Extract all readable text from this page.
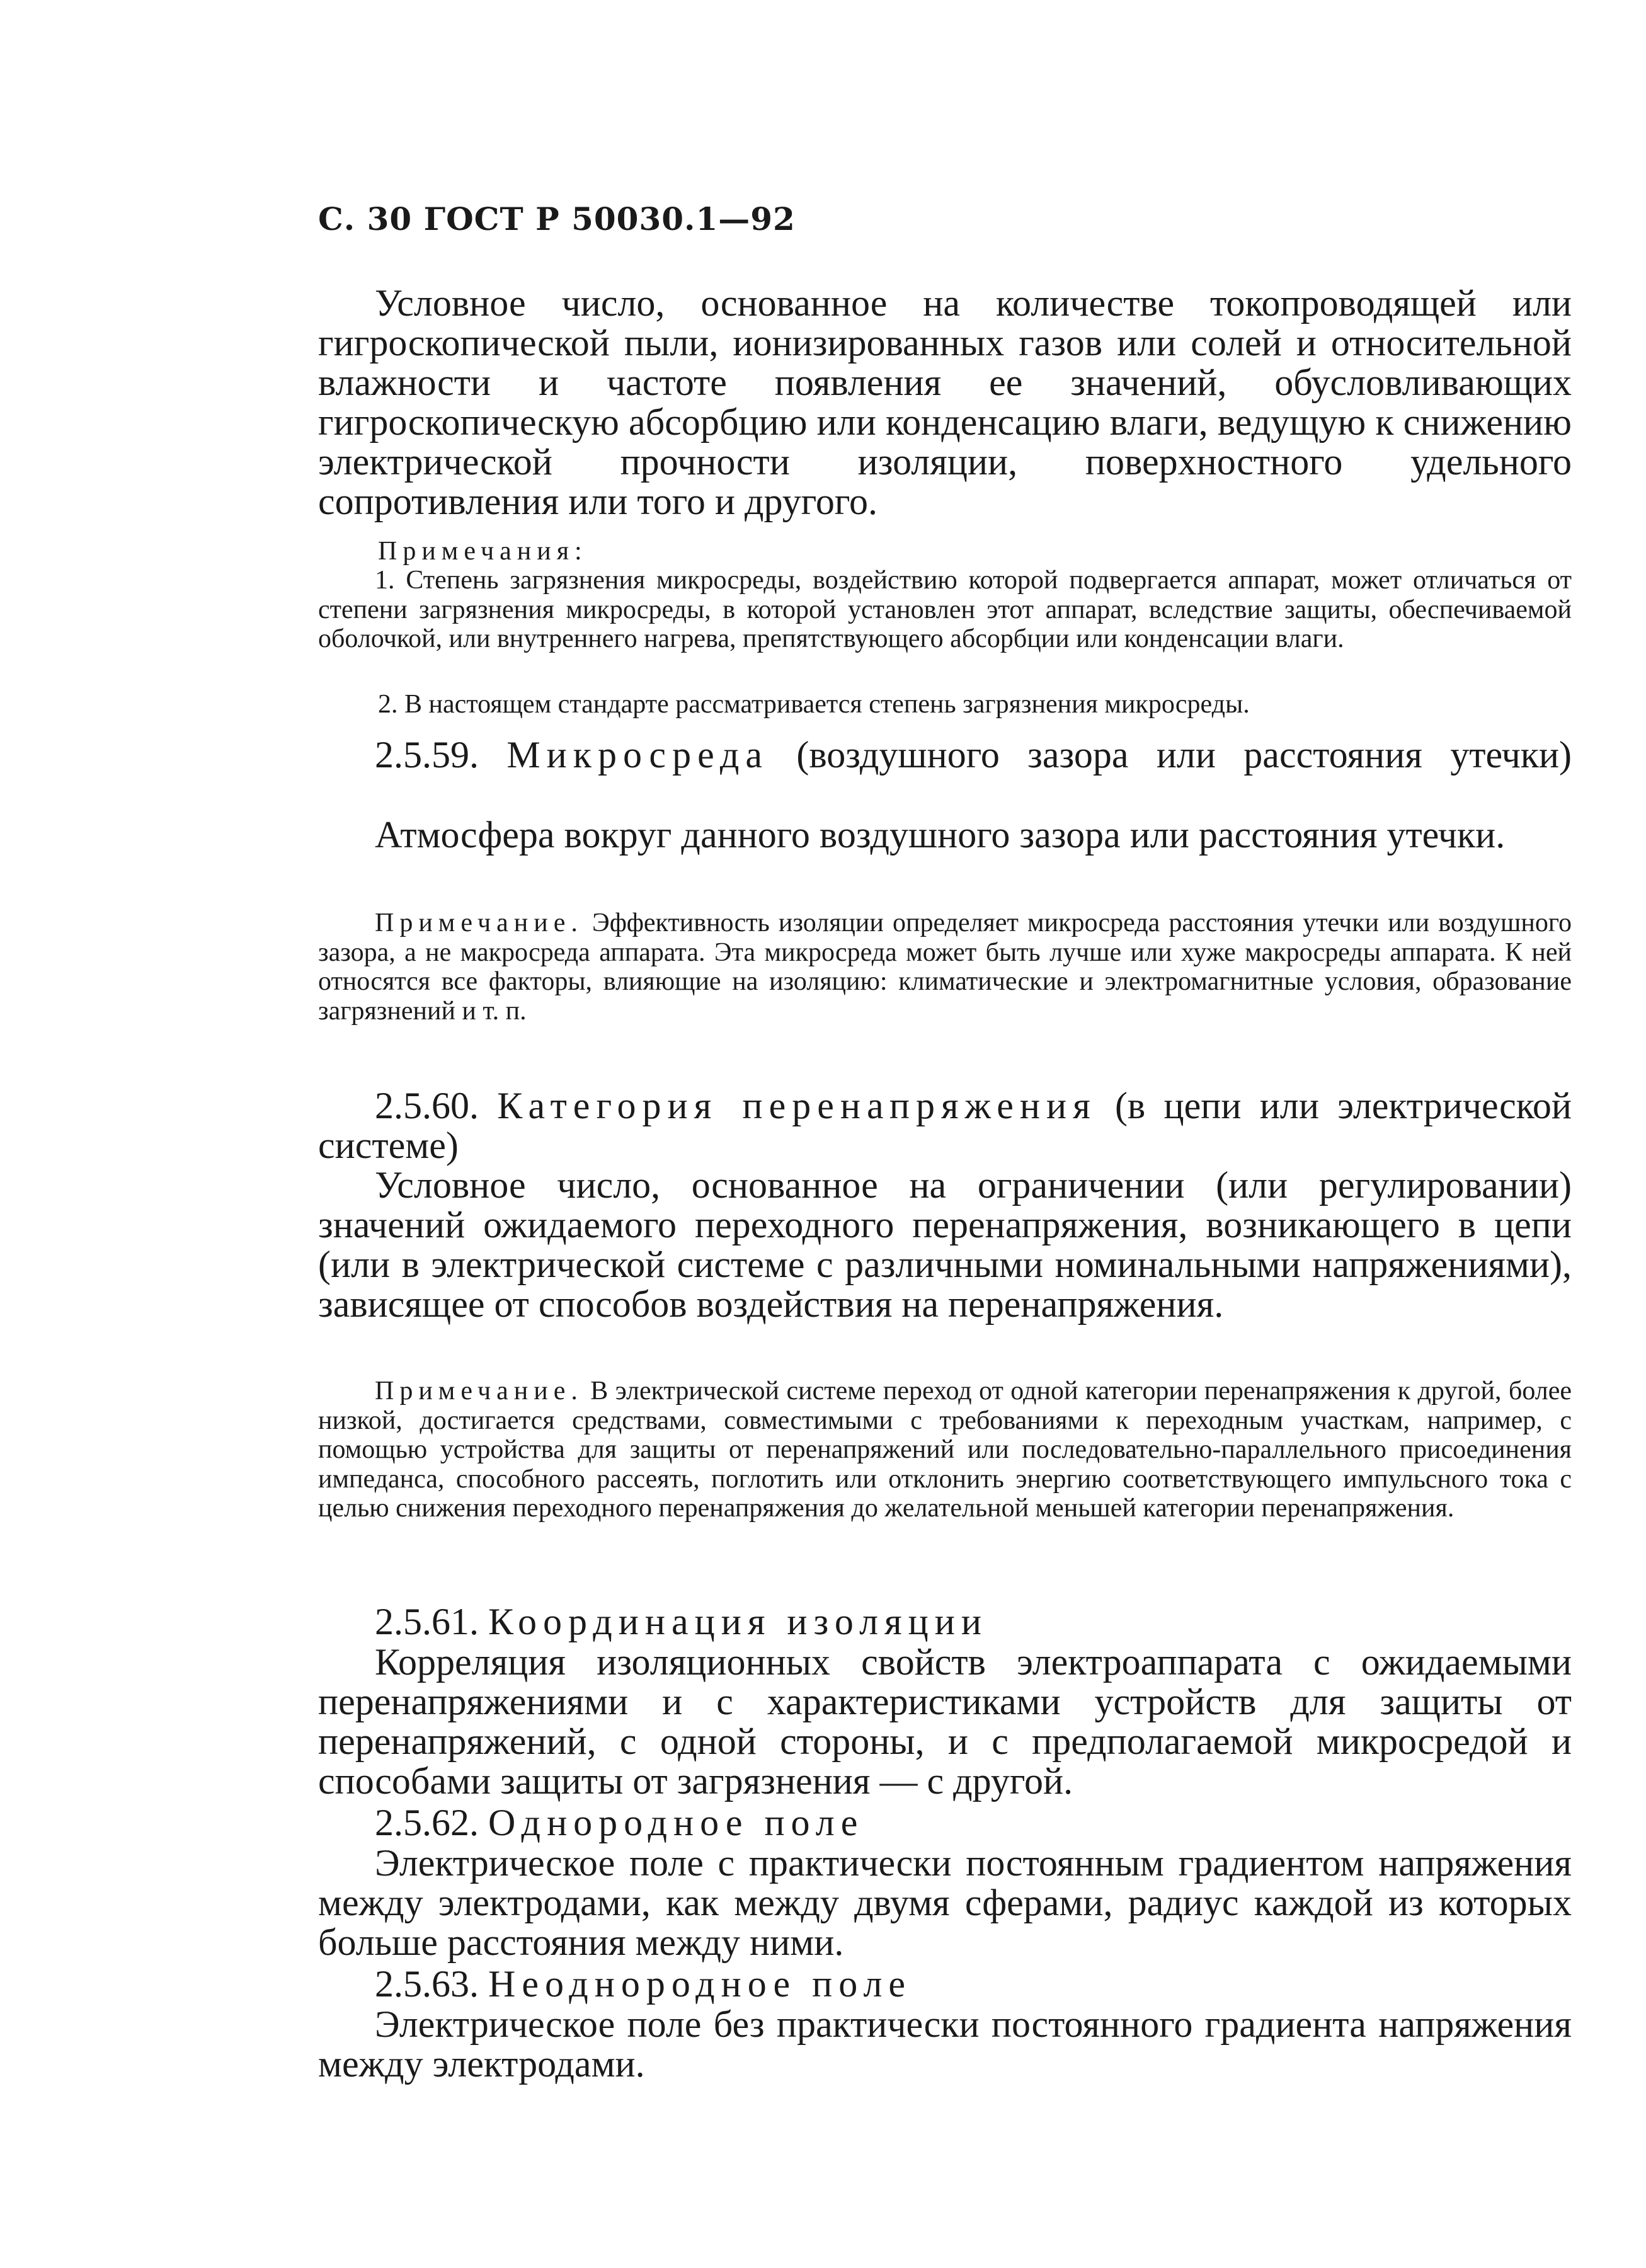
С. 30 ГОСТ Р 50030.1—92

Условное число, основанное на количестве токопроводящей или гигроскопической пыли, ионизированных газов или солей и относительной влажности и частоте появления ее значений, обусловливающих гигроскопическую абсорбцию или конденсацию влаги, ведущую к снижению электрической прочности изоляции, поверхностного удельного сопротивления или того и другого.

Примечания:

1. Степень загрязнения микросреды, воздействию которой подвергается аппарат, может отличаться от степени загрязнения микросреды, в которой установлен этот аппарат, вследствие защиты, обеспечиваемой оболочкой, или внутреннего нагрева, препятствующего абсорбции или конденсации влаги.

2. В настоящем стандарте рассматривается степень загрязнения микросреды.

2.5.59. Микросреда (воздушного зазора или расстояния утечки)

Атмосфера вокруг данного воздушного зазора или расстояния утечки.

Примечание. Эффективность изоляции определяет микросреда расстояния утечки или воздушного зазора, а не макросреда аппарата. Эта микросреда может быть лучше или хуже макросреды аппарата. К ней относятся все факторы, влияющие на изоляцию: климатические и электромагнитные условия, образование загрязнений и т. п.

2.5.60. Категория перенапряжения (в цепи или электрической системе)

Условное число, основанное на ограничении (или регулировании) значений ожидаемого переходного перенапряжения, возникающего в цепи (или в электрической системе с различными номинальными напряжениями), зависящее от способов воздействия на перенапряжения.

Примечание. В электрической системе переход от одной категории перенапряжения к другой, более низкой, достигается средствами, совместимыми с требованиями к переходным участкам, например, с помощью устройства для защиты от перенапряжений или последовательно-параллельного присоединения импеданса, способного рассеять, поглотить или отклонить энергию соответствующего импульсного тока с целью снижения переходного перенапряжения до желательной меньшей категории перенапряжения.

2.5.61. Координация изоляции

Корреляция изоляционных свойств электроаппарата с ожидаемыми перенапряжениями и с характеристиками устройств для защиты от перенапряжений, с одной стороны, и с предполагаемой микросредой и способами защиты от загрязнения — с другой.

2.5.62. Однородное поле

Электрическое поле с практически постоянным градиентом напряжения между электродами, как между двумя сферами, радиус каждой из которых больше расстояния между ними.

2.5.63. Неоднородное поле

Электрическое поле без практически постоянного градиента напряжения между электродами.
